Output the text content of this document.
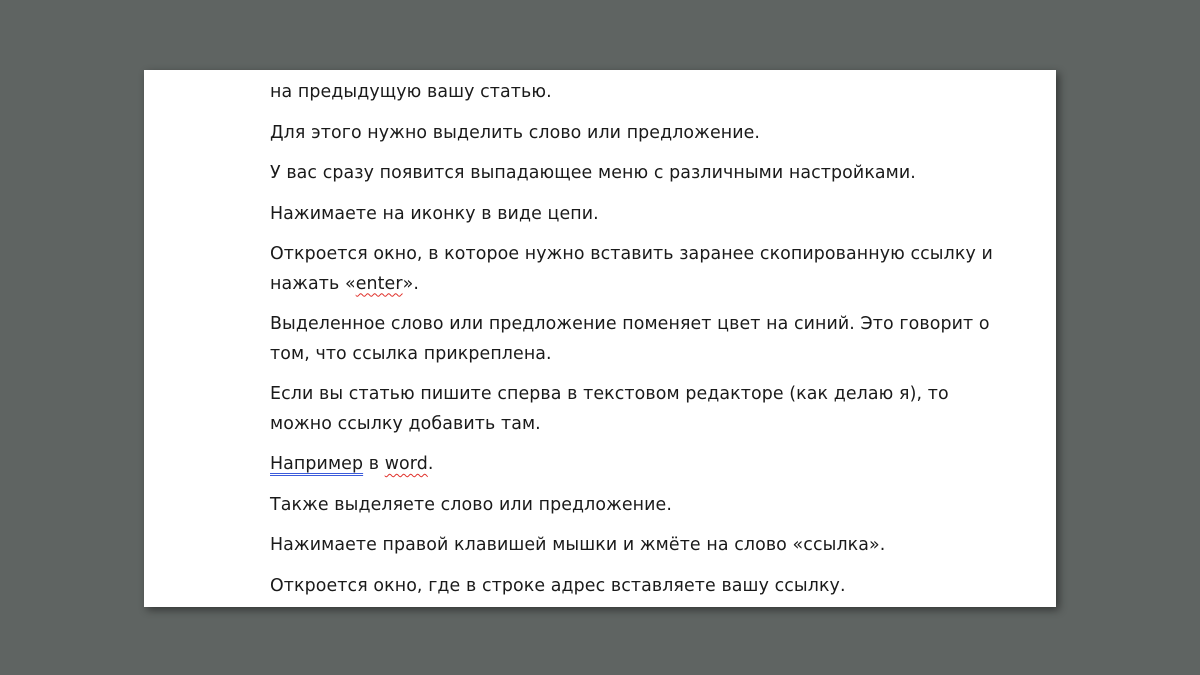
на предыдущую вашу статью.

Для этого нужно выделить слово или предложение.

У вас сразу появится выпадающее меню с различными настройками.

Нажимаете на иконку в виде цепи.

Откроется окно, в которое нужно вставить заранее скопированную ссылку и
нажать «enter».

Выделенное слово или предложение поменяет цвет на синий. Это говорит о
том, что ссылка прикреплена.

Если вы статью пишите сперва в текстовом редакторе (как делаю я), то
можно ссылку добавить там.

Например в word.

Также выделяете слово или предложение.

Нажимаете правой клавишей мышки и жмёте на слово «ссылка».

Откроется окно, где в строке адрес вставляете вашу ссылку.
